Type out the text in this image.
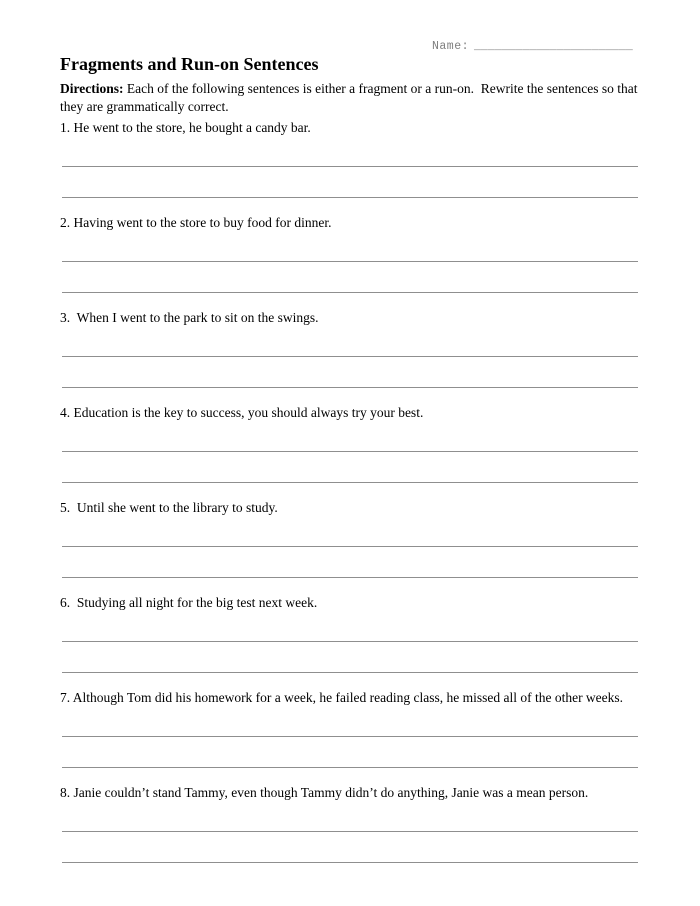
Name: _______________________
Fragments and Run-on Sentences

Directions: Each of the following sentences is either a fragment or a run-on.  Rewrite the sentences so that they are grammatically correct.

1. He went to the store, he bought a candy bar.

2. Having went to the store to buy food for dinner.

3.  When I went to the park to sit on the swings.

4. Education is the key to success, you should always try your best.

5.  Until she went to the library to study.

6.  Studying all night for the big test next week.

7. Although Tom did his homework for a week, he failed reading class, he missed all of the other weeks.

8. Janie couldn’t stand Tammy, even though Tammy didn’t do anything, Janie was a mean person.
